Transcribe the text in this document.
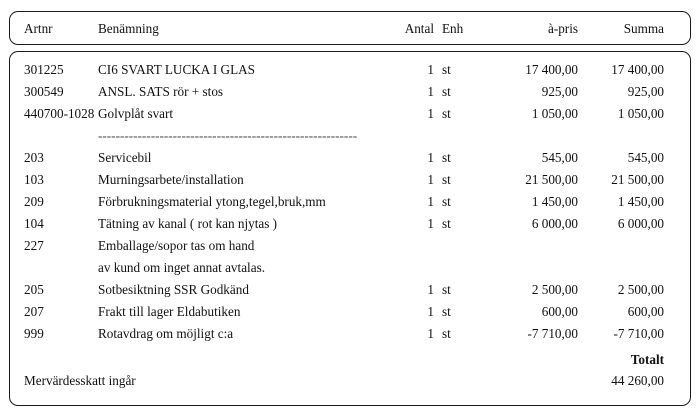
Artnr	Benämning	Antal Enh	à-pris	Summa
301225	CI6 SVART LUCKA I GLAS	1 st	17 400,00	17 400,00
300549	ANSL. SATS rör + stos	1 st	925,00	925,00
440700-1028 Golvplåt svart	1 st	1 050,00	1 050,00
-----------------------------------------------------------
203	Servicebil	1 st	545,00	545,00
103	Murningsarbete/installation	1 st	21 500,00	21 500,00
209	Förbrukningsmaterial ytong,tegel,bruk,mm	1 st	1 450,00	1 450,00
104	Tätning av kanal ( rot kan njytas )	1 st	6 000,00	6 000,00
227	Emballage/sopor tas om hand
av kund om inget annat avtalas.
205	Sotbesiktning SSR Godkänd	1 st	2 500,00	2 500,00
207	Frakt till lager Eldabutiken	1 st	600,00	600,00
999	Rotavdrag om möjligt c:a	1 st	-7 710,00	-7 710,00
Totalt
Mervärdesskatt ingår	44 260,00
